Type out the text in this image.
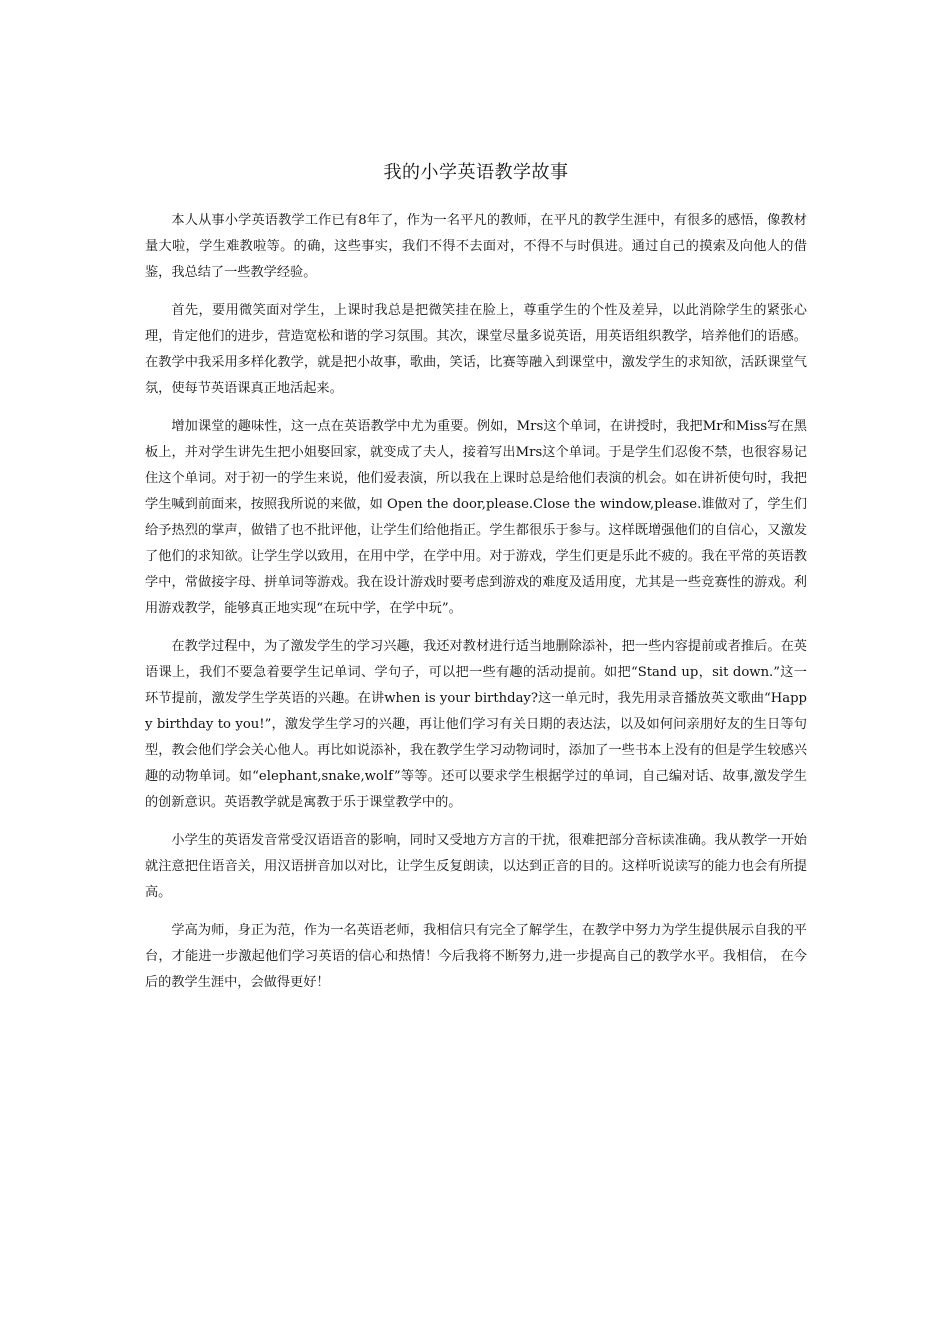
我的小学英语教学故事

本人从事小学英语教学工作已有8年了，作为一名平凡的教师，在平凡的教学生涯中，有很多的感悟，像教材量大啦，学生难教啦等。的确，这些事实，我们不得不去面对，不得不与时俱进。通过自己的摸索及向他人的借鉴，我总结了一些教学经验。

首先，要用微笑面对学生，上课时我总是把微笑挂在脸上，尊重学生的个性及差异，以此消除学生的紧张心理，肯定他们的进步，营造宽松和谐的学习氛围。其次，课堂尽量多说英语，用英语组织教学，培养他们的语感。在教学中我采用多样化教学，就是把小故事，歌曲，笑话，比赛等融入到课堂中，激发学生的求知欲，活跃课堂气氛，使每节英语课真正地活起来。

增加课堂的趣味性，这一点在英语教学中尤为重要。例如，Mrs这个单词，在讲授时，我把Mr和Miss写在黑板上，并对学生讲先生把小姐娶回家，就变成了夫人，接着写出Mrs这个单词。于是学生们忍俊不禁，也很容易记住这个单词。对于初一的学生来说，他们爱表演，所以我在上课时总是给他们表演的机会。如在讲祈使句时，我把学生喊到前面来，按照我所说的来做，如 Open the door,please.Close the window,please.谁做对了，学生们给予热烈的掌声，做错了也不批评他，让学生们给他指正。学生都很乐于参与。这样既增强他们的自信心，又激发了他们的求知欲。让学生学以致用，在用中学，在学中用。对于游戏，学生们更是乐此不疲的。我在平常的英语教学中，常做接字母、拼单词等游戏。我在设计游戏时要考虑到游戏的难度及适用度，尤其是一些竞赛性的游戏。利用游戏教学，能够真正地实现“在玩中学，在学中玩”。

在教学过程中，为了激发学生的学习兴趣，我还对教材进行适当地删除添补，把一些内容提前或者推后。在英语课上，我们不要急着要学生记单词、学句子，可以把一些有趣的活动提前。如把“Stand up，sit down.”这一环节提前，激发学生学英语的兴趣。在讲when is your birthday?这一单元时，我先用录音播放英文歌曲“Happy birthday to you!”，激发学生学习的兴趣，再让他们学习有关日期的表达法，以及如何问亲朋好友的生日等句型，教会他们学会关心他人。再比如说添补，我在教学生学习动物词时，添加了一些书本上没有的但是学生较感兴趣的动物单词。如“elephant,snake,wolf”等等。还可以要求学生根据学过的单词，自己编对话、故事,激发学生的创新意识。英语教学就是寓教于乐于课堂教学中的。

小学生的英语发音常受汉语语音的影响，同时又受地方方言的干扰，很难把部分音标读准确。我从教学一开始就注意把住语音关，用汉语拼音加以对比，让学生反复朗读，以达到正音的目的。这样听说读写的能力也会有所提高。

学高为师，身正为范，作为一名英语老师，我相信只有完全了解学生，在教学中努力为学生提供展示自我的平台，才能进一步激起他们学习英语的信心和热情！今后我将不断努力,进一步提高自己的教学水平。我相信， 在今后的教学生涯中，会做得更好！
